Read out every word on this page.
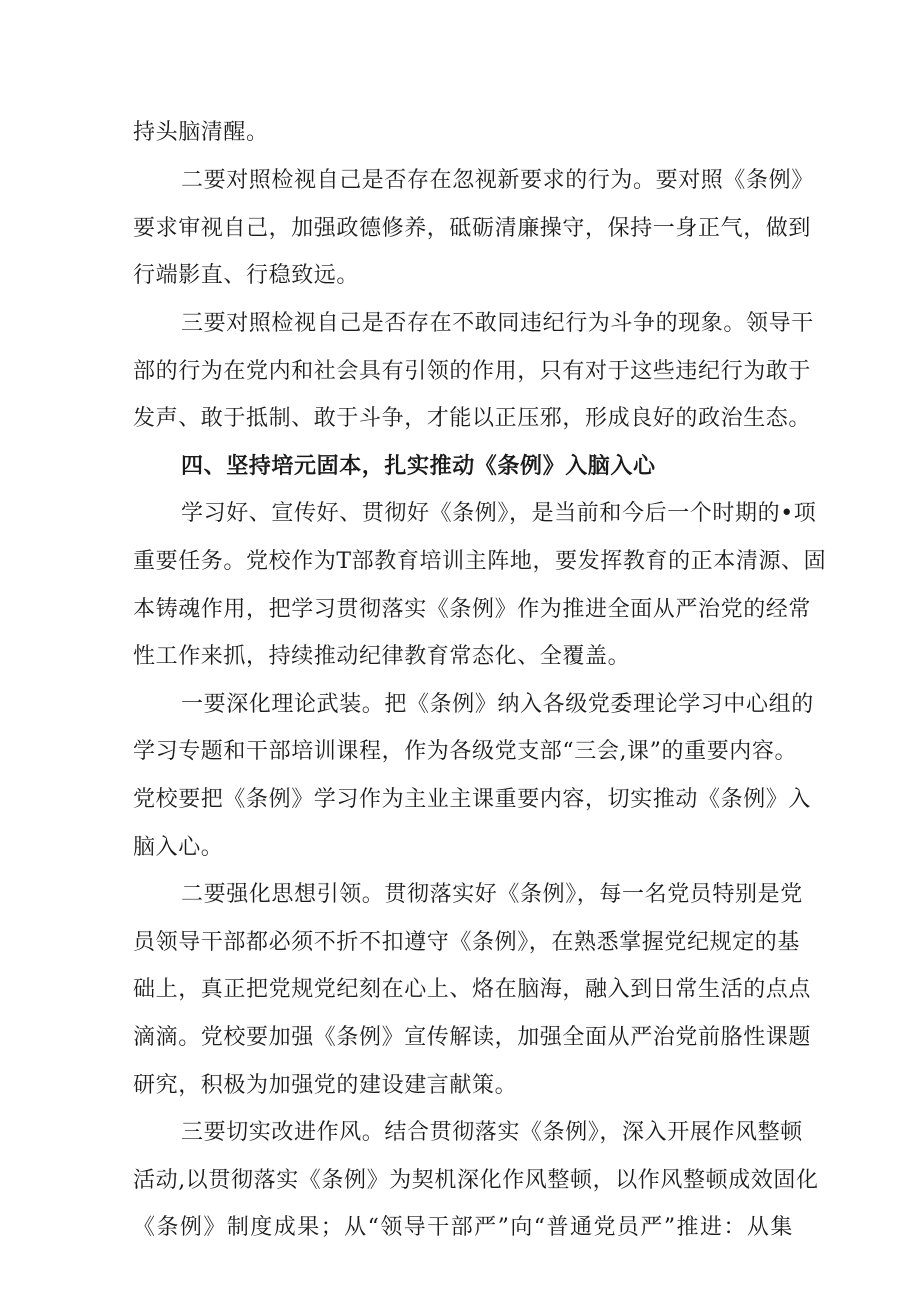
持头脑清醒。
二要对照检视自己是否存在忽视新要求的行为。要对照《条例》
要求审视自己，加强政德修养，砥砺清廉操守，保持一身正气，做到
行端影直、行稳致远。
三要对照检视自己是否存在不敢同违纪行为斗争的现象。领导干
部的行为在党内和社会具有引领的作用，只有对于这些违纪行为敢于
发声、敢于抵制、敢于斗争，才能以正压邪，形成良好的政治生态。
四、坚持培元固本，扎实推动《条例》入脑入心
学习好、宣传好、贯彻好《条例》，是当前和今后一个时期的•项
重要任务。党校作为T部教育培训主阵地，要发挥教育的正本清源、固
本铸魂作用，把学习贯彻落实《条例》作为推进全面从严治党的经常
性工作来抓，持续推动纪律教育常态化、全覆盖。
一要深化理论武装。把《条例》纳入各级党委理论学习中心组的
学习专题和干部培训课程，作为各级党支部“三会,课”的重要内容。
党校要把《条例》学习作为主业主课重要内容，切实推动《条例》入
脑入心。
二要强化思想引领。贯彻落实好《条例》，每一名党员特别是党
员领导干部都必须不折不扣遵守《条例》，在熟悉掌握党纪规定的基
础上，真正把党规党纪刻在心上、烙在脑海，融入到日常生活的点点
滴滴。党校要加强《条例》宣传解读，加强全面从严治党前胳性课题
研究，积极为加强党的建设建言献策。
三要切实改进作风。结合贯彻落实《条例》，深入开展作风整顿
活动,以贯彻落实《条例》为契机深化作风整顿，以作风整顿成效固化
《条例》制度成果；从“领导干部严”向“普通党员严”推进：从集
